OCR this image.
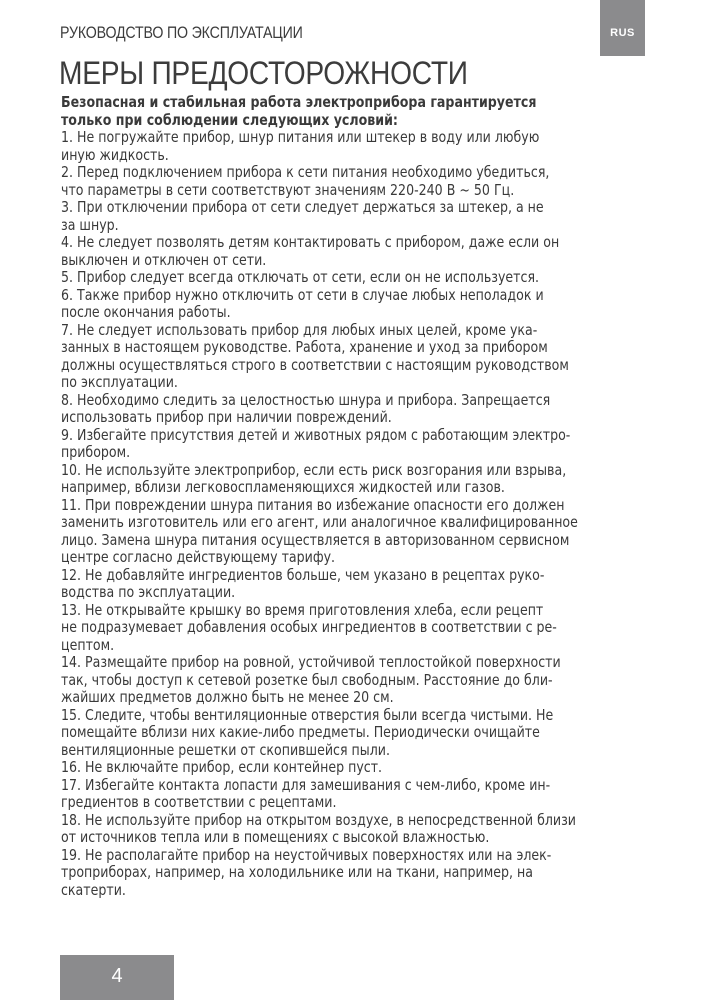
РУКОВОДСТВО ПО ЭКСПЛУАТАЦИИ	RUS
МЕРЫ ПРЕДОСТОРОЖНОСТИ
Безопасная и стабильная работа электроприбора гарантируется
только при соблюдении следующих условий:
1. Не погружайте прибор, шнур питания или штекер в воду или любую
иную жидкость.
2. Перед подключением прибора к сети питания необходимо убедиться,
что параметры в сети соответствуют значениям 220-240 В ~ 50 Гц.
3. При отключении прибора от сети следует держаться за штекер, а не
за шнур.
4. Не следует позволять детям контактировать с прибором, даже если он
выключен и отключен от сети.
5. Прибор следует всегда отключать от сети, если он не используется.
6. Также прибор нужно отключить от сети в случае любых неполадок и
после окончания работы.
7. Не следует использовать прибор для любых иных целей, кроме ука-
занных в настоящем руководстве. Работа, хранение и уход за прибором
должны осуществляться строго в соответствии с настоящим руководством
по эксплуатации.
8. Необходимо следить за целостностью шнура и прибора. Запрещается
использовать прибор при наличии повреждений.
9. Избегайте присутствия детей и животных рядом с работающим электро-
прибором.
10. Не используйте электроприбор, если есть риск возгорания или взрыва,
например, вблизи легковоспламеняющихся жидкостей или газов.
11. При повреждении шнура питания во избежание опасности его должен
заменить изготовитель или его агент, или аналогичное квалифицированное
лицо. Замена шнура питания осуществляется в авторизованном сервисном
центре согласно действующему тарифу.
12. Не добавляйте ингредиентов больше, чем указано в рецептах руко-
водства по эксплуатации.
13. Не открывайте крышку во время приготовления хлеба, если рецепт
не подразумевает добавления особых ингредиентов в соответствии с ре-
цептом.
14. Размещайте прибор на ровной, устойчивой теплостойкой поверхности
так, чтобы доступ к сетевой розетке был свободным. Расстояние до бли-
жайших предметов должно быть не менее 20 см.
15. Следите, чтобы вентиляционные отверстия были всегда чистыми. Не
помещайте вблизи них какие-либо предметы. Периодически очищайте
вентиляционные решетки от скопившейся пыли.
16. Не включайте прибор, если контейнер пуст.
17. Избегайте контакта лопасти для замешивания с чем-либо, кроме ин-
гредиентов в соответствии с рецептами.
18. Не используйте прибор на открытом воздухе, в непосредственной близи
от источников тепла или в помещениях с высокой влажностью.
19. Не располагайте прибор на неустойчивых поверхностях или на элек-
троприборах, например, на холодильнике или на ткани, например, на
скатерти.
4
